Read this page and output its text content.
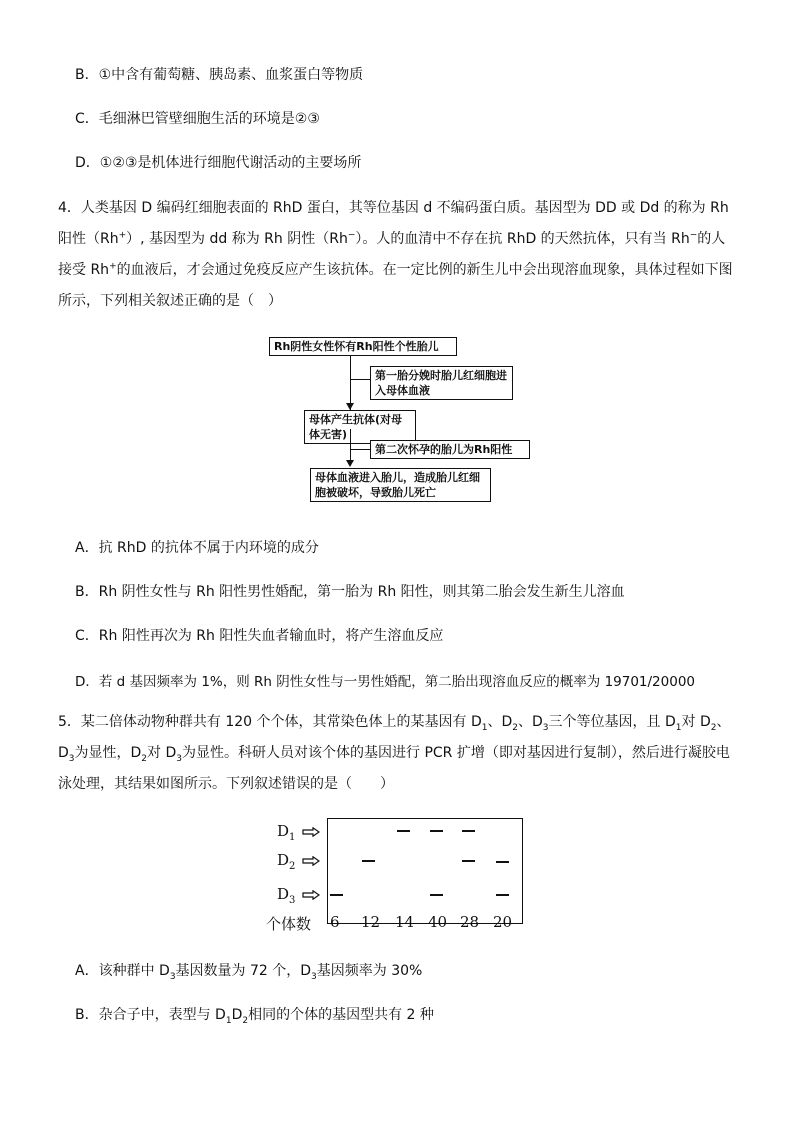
B．①中含有葡萄糖、胰岛素、血浆蛋白等物质
C．毛细淋巴管壁细胞生活的环境是②③
D．①②③是机体进行细胞代谢活动的主要场所
4．人类基因 D 编码红细胞表面的 RhD 蛋白，其等位基因 d 不编码蛋白质。基因型为 DD 或 Dd 的称为 Rh 阳性（Rh+）, 基因型为 dd 称为 Rh 阴性（Rh−）。人的血清中不存在抗 RhD 的天然抗体，只有当 Rh−的人接受 Rh+的血液后，才会通过免疫反应产生该抗体。在一定比例的新生儿中会出现溶血现象，具体过程如下图所示，下列相关叙述正确的是（　）
Rh阴性女性怀有Rh阳性个性胎儿
第一胎分娩时胎儿红细胞进入母体血液
母体产生抗体(对母体无害)
第二次怀孕的胎儿为Rh阳性
母体血液进入胎儿，造成胎儿红细胞被破坏，导致胎儿死亡
A．抗 RhD 的抗体不属于内环境的成分
B．Rh 阴性女性与 Rh 阳性男性婚配，第一胎为 Rh 阳性，则其第二胎会发生新生儿溶血
C．Rh 阳性再次为 Rh 阳性失血者输血时，将产生溶血反应
D．若 d 基因频率为 1%，则 Rh 阴性女性与一男性婚配，第二胎出现溶血反应的概率为 19701/20000
5．某二倍体动物种群共有 120 个个体，其常染色体上的某基因有 $D_1$、$D_2$、$D_3$三个等位基因，且 $D_1$对 $D_2$、$D_3$为显性，$D_2$对 $D_3$为显性。科研人员对该个体的基因进行 PCR 扩增（即对基因进行复制），然后进行凝胶电泳处理，其结果如图所示。下列叙述错误的是（　　）
$D_1$
$D_2$
$D_3$
个体数 6 12 14 40 28 20
A．该种群中 $D_3$基因数量为 72 个，$D_3$基因频率为 30%
B．杂合子中，表型与 $D_1D_2$相同的个体的基因型共有 2 种
